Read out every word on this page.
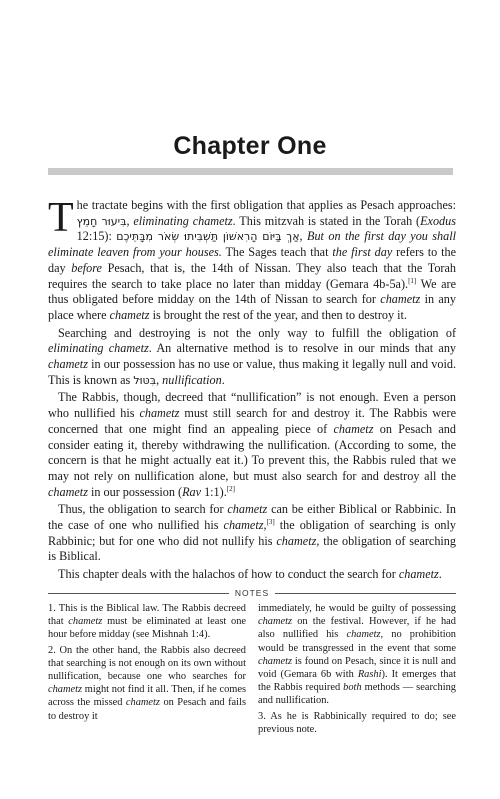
Chapter One

The tractate begins with the first obligation that applies as Pesach approaches: בִּיעוּר חָמֵץ, eliminating chametz. This mitzvah is stated in the Torah (Exodus 12:15): אַךְ בַּיּוֹם הָרִאשׁוֹן תַּשְׁבִּיתוּ שְּׂאֹר מִבָּתֵּיכֶם, But on the first day you shall eliminate leaven from your houses. The Sages teach that the first day refers to the day before Pesach, that is, the 14th of Nissan. They also teach that the Torah requires the search to take place no later than midday (Gemara 4b-5a).[1] We are thus obligated before midday on the 14th of Nissan to search for chametz in any place where chametz is brought the rest of the year, and then to destroy it.

Searching and destroying is not the only way to fulfill the obligation of eliminating chametz. An alternative method is to resolve in our minds that any chametz in our possession has no use or value, thus making it legally null and void. This is known as בִּטּוּל, nullification.

The Rabbis, though, decreed that “nullification” is not enough. Even a person who nullified his chametz must still search for and destroy it. The Rabbis were concerned that one might find an appealing piece of chametz on Pesach and consider eating it, thereby withdrawing the nullification. (According to some, the concern is that he might actually eat it.) To prevent this, the Rabbis ruled that we may not rely on nullification alone, but must also search for and destroy all the chametz in our possession (Rav 1:1).[2]

Thus, the obligation to search for chametz can be either Biblical or Rabbinic. In the case of one who nullified his chametz,[3] the obligation of searching is only Rabbinic; but for one who did not nullify his chametz, the obligation of searching is Biblical.

This chapter deals with the halachos of how to conduct the search for chametz.

NOTES

1. This is the Biblical law. The Rabbis decreed that chametz must be eliminated at least one hour before midday (see Mishnah 1:4).

2. On the other hand, the Rabbis also decreed that searching is not enough on its own without nullification, because one who searches for chametz might not find it all. Then, if he comes across the missed chametz on Pesach and fails to destroy it

immediately, he would be guilty of possessing chametz on the festival. However, if he had also nullified his chametz, no prohibition would be transgressed in the event that some chametz is found on Pesach, since it is null and void (Gemara 6b with Rashi). It emerges that the Rabbis required both methods — searching and nullification.

3. As he is Rabbinically required to do; see previous note.
